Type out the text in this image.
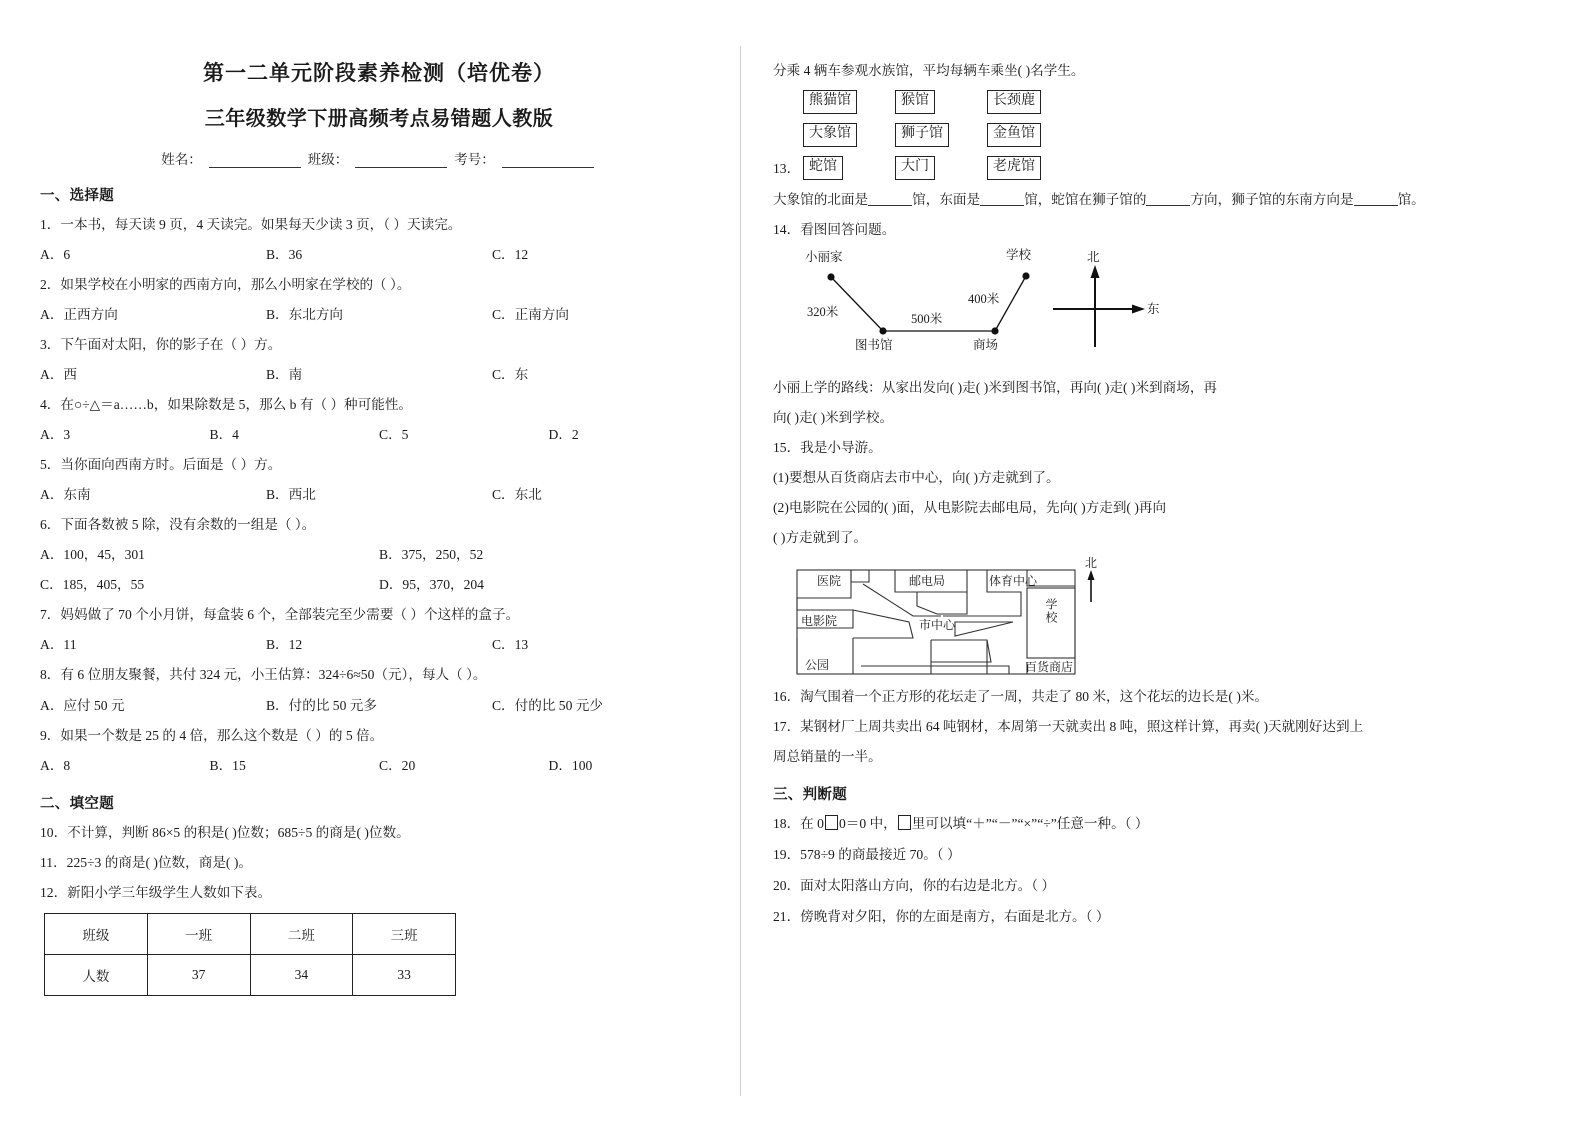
第一二单元阶段素养检测（培优卷）
三年级数学下册高频考点易错题人教版
姓名：	班级：	考号：
一、选择题
1．一本书，每天读 9 页，4 天读完。如果每天少读 3 页，（ ）天读完。
A．6	B．36	C．12
2．如果学校在小明家的西南方向，那么小明家在学校的（ ）。
A．正西方向	B．东北方向	C．正南方向
3．下午面对太阳，你的影子在（ ）方。
A．西	B．南	C．东
4．在○÷△＝a……b，如果除数是 5，那么 b 有（ ）种可能性。
A．3	B．4	C．5	D．2
5．当你面向西南方时。后面是（ ）方。
A．东南	B．西北	C．东北
6．下面各数被 5 除，没有余数的一组是（ ）。
A．100，45，301	B．375，250，52
C．185，405，55	D．95，370，204
7．妈妈做了 70 个小月饼，每盒装 6 个，全部装完至少需要（ ）个这样的盒子。
A．11	B．12	C．13
8．有 6 位朋友聚餐，共付 324 元，小王估算：324÷6≈50（元），每人（ ）。
A．应付 50 元	B．付的比 50 元多	C．付的比 50 元少
9．如果一个数是 25 的 4 倍，那么这个数是（ ）的 5 倍。
A．8	B．15	C．20	D．100
二、填空题
10．不计算，判断 86×5 的积是( )位数；685÷5 的商是( )位数。
11．225÷3 的商是( )位数，商是( )。
12．新阳小学三年级学生人数如下表。
班级	一班	二班	三班
人数	37	34	33
分乘 4 辆车参观水族馆，平均每辆车乘坐( )名学生。
熊猫馆	猴馆	长颈鹿
大象馆	狮子馆	金鱼馆
蛇馆	大门	老虎馆
13．
大象馆的北面是	馆，东面是	馆，蛇馆在狮子馆的	方向，狮子馆的东南方向是	馆。
14．看图回答问题。
小丽家	学校
图书馆	商场
320米	500米
400米
北
东
小丽上学的路线：从家出发向( )走( )米到图书馆，再向( )走( )米到商场，再
向( )走( )米到学校。
15．我是小导游。
(1)要想从百货商店去市中心，向( )方走就到了。
(2)电影院在公园的( )面，从电影院去邮电局，先向( )方走到( )再向
( )方走就到了。
医院	邮电局	体育中心
电影院	市中心
学校
公园	百货商店
北
16．淘气围着一个正方形的花坛走了一周，共走了 80 米，这个花坛的边长是( )米。
17．某钢材厂上周共卖出 64 吨钢材，本周第一天就卖出 8 吨，照这样计算，再卖( )天就刚好达到上
周总销量的一半。
三、判断题
18．在 0 0＝0 中， 里可以填“＋”“－”“×”“÷”任意一种。（ ）
19．578÷9 的商最接近 70。（ ）
20．面对太阳落山方向，你的右边是北方。（ ）
21．傍晚背对夕阳，你的左面是南方，右面是北方。（ ）
